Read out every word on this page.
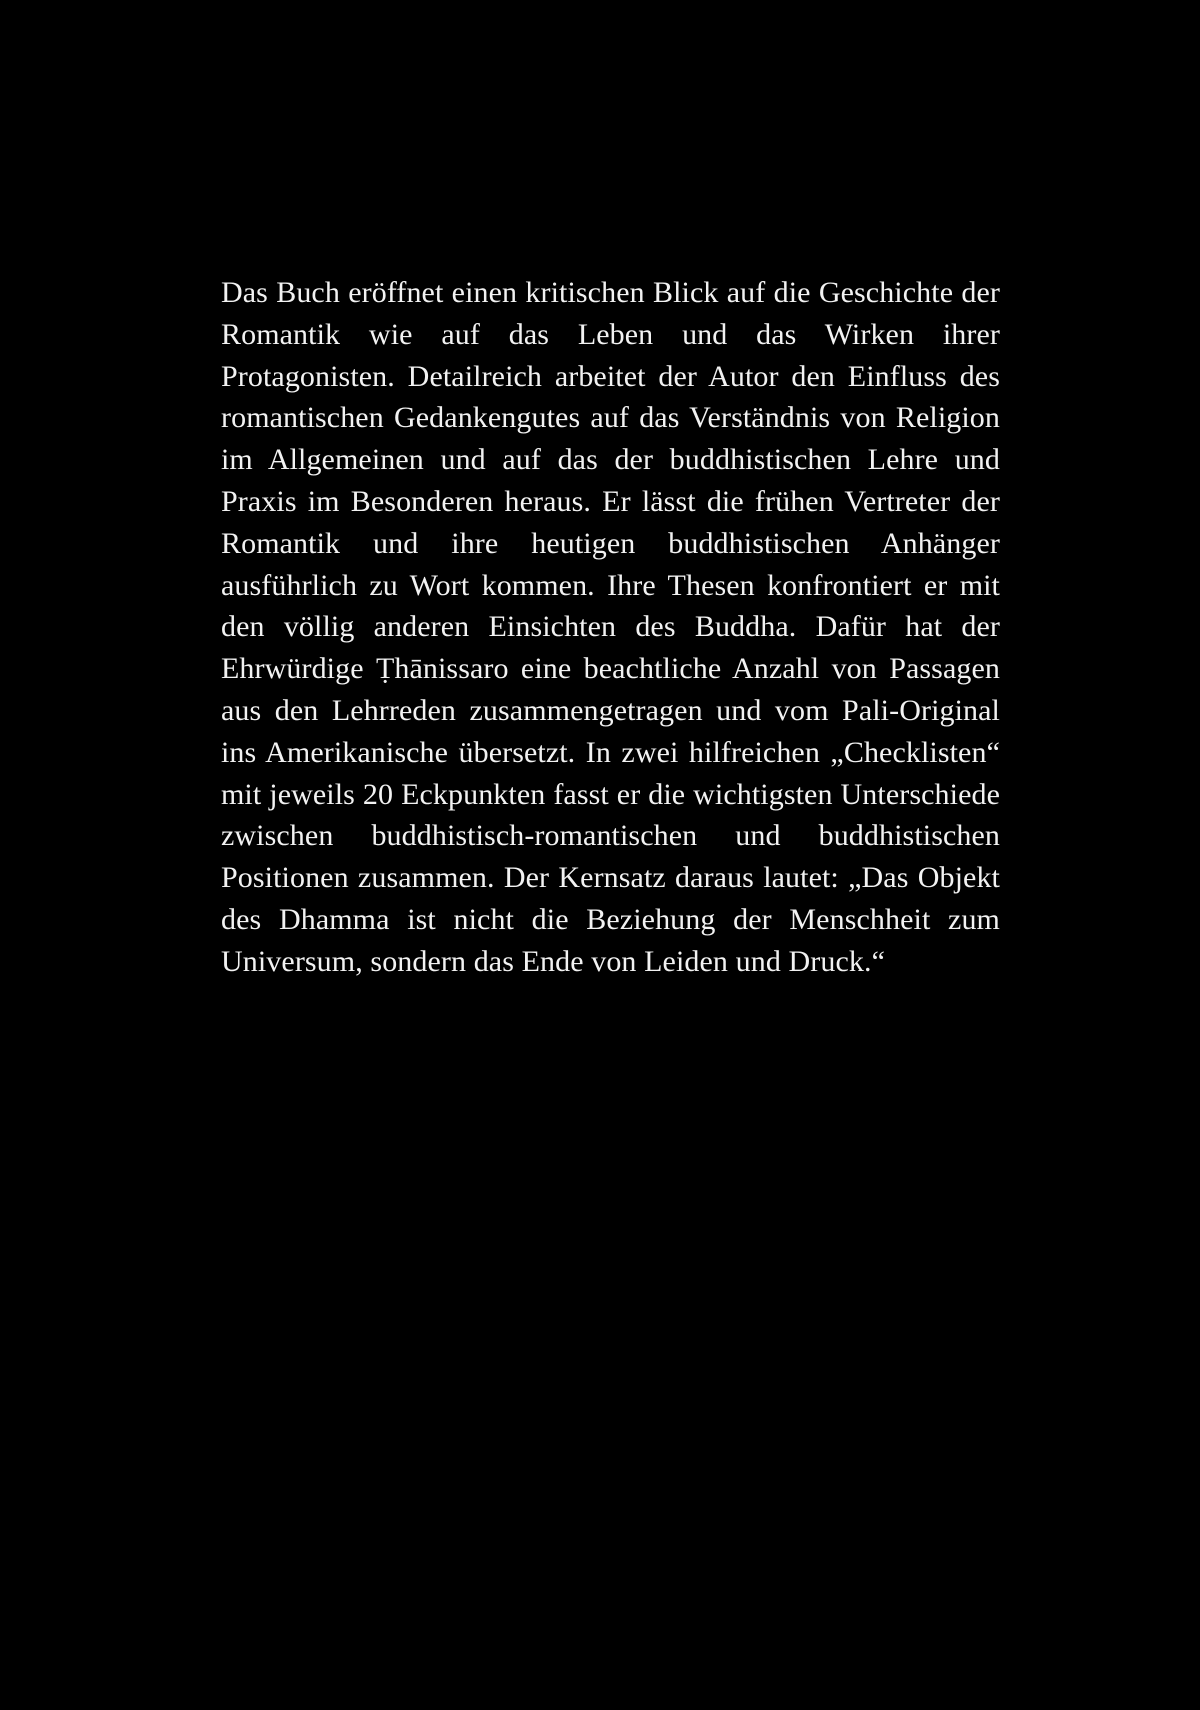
Das Buch eröffnet einen kritischen Blick auf die Geschichte der Romantik wie auf das Leben und das Wirken ihrer Protagonisten. Detailreich arbeitet der Autor den Einfluss des romantischen Gedankengutes auf das Verständnis von Religion im Allgemeinen und auf das der buddhistischen Lehre und Praxis im Besonderen heraus. Er lässt die frühen Vertreter der Romantik und ihre heutigen buddhistischen Anhänger ausführlich zu Wort kommen. Ihre Thesen konfrontiert er mit den völlig anderen Einsichten des Buddha. Dafür hat der Ehrwürdige Ṭhānissaro eine beachtliche Anzahl von Passagen aus den Lehrreden zusammengetragen und vom Pali-Original ins Amerikanische übersetzt. In zwei hilfreichen „Checklisten“ mit jeweils 20 Eckpunkten fasst er die wichtigsten Unterschiede zwischen buddhistisch-romantischen und buddhistischen Positionen zusammen. Der Kernsatz daraus lautet: „Das Objekt des Dhamma ist nicht die Beziehung der Menschheit zum Universum, sondern das Ende von Leiden und Druck.“
